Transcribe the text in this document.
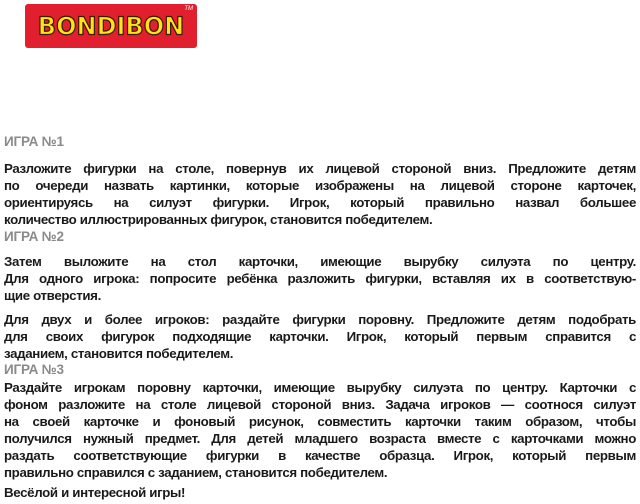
BONDIBON
TM
ИГРА №1
Разложите фигурки на столе, повернув их лицевой стороной вниз. Предложите детям
по очереди назвать картинки, которые изображены на лицевой стороне карточек,
ориентируясь на силуэт фигурки. Игрок, который правильно назвал большее
количество иллюстрированных фигурок, становится победителем.
ИГРА №2
Затем выложите на стол карточки, имеющие вырубку силуэта по центру.
Для одного игрока: попросите ребёнка разложить фигурки, вставляя их в соответствую-
щие отверстия.
Для двух и более игроков: раздайте фигурки поровну. Предложите детям подобрать
для своих фигурок подходящие карточки. Игрок, который первым справится с
заданием, становится победителем.
ИГРА №3
Раздайте игрокам поровну карточки, имеющие вырубку силуэта по центру. Карточки с
фоном разложите на столе лицевой стороной вниз. Задача игроков — соотнося силуэт
на своей карточке и фоновый рисунок, совместить карточки таким образом, чтобы
получился нужный предмет. Для детей младшего возраста вместе с карточками можно
раздать соответствующие фигурки в качестве образца. Игрок, который первым
правильно справился с заданием, становится победителем.
Весёлой и интересной игры!
